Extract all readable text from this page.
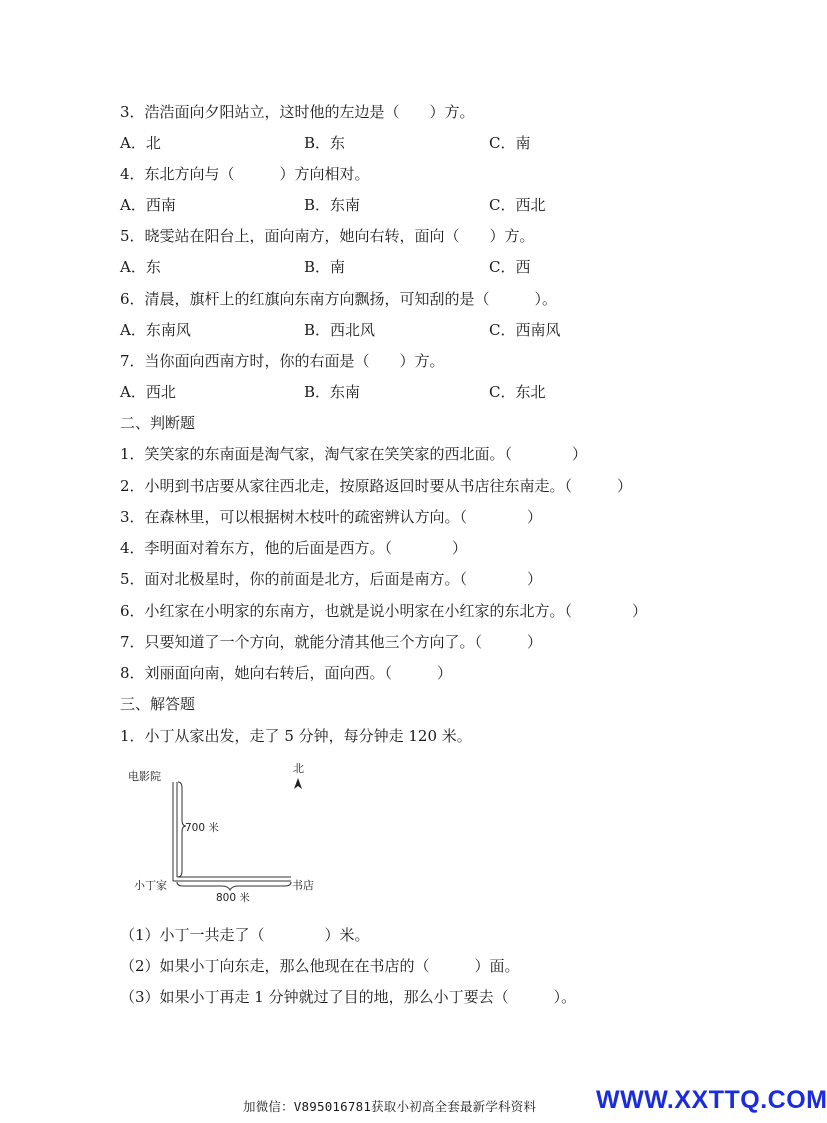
3．浩浩面向夕阳站立，这时他的左边是（　　）方。
A．北	B．东	C．南
4．东北方向与（　　　）方向相对。
A．西南	B．东南	C．西北
5．晓雯站在阳台上，面向南方，她向右转，面向（　　）方。
A．东	B．南	C．西
6．清晨，旗杆上的红旗向东南方向飘扬，可知刮的是（　　　）。
A．东南风	B．西北风	C．西南风
7．当你面向西南方时，你的右面是（　　）方。
A．西北	B．东南	C．东北
二、判断题
1．笑笑家的东南面是淘气家，淘气家在笑笑家的西北面。（　　　　）
2．小明到书店要从家往西北走，按原路返回时要从书店往东南走。（　　　）
3．在森林里，可以根据树木枝叶的疏密辨认方向。（　　　　）
4．李明面对着东方，他的后面是西方。（　　　　）
5．面对北极星时，你的前面是北方，后面是南方。（　　　　）
6．小红家在小明家的东南方，也就是说小明家在小红家的东北方。（　　　　）
7．只要知道了一个方向，就能分清其他三个方向了。（　　　）
8．刘丽面向南，她向右转后，面向西。（　　　）
三、解答题
1．小丁从家出发，走了 5 分钟，每分钟走 120 米。
电影院
北
700 米
小丁家
800 米
书店
（1）小丁一共走了（　　　　）米。
（2）如果小丁向东走，那么他现在在书店的（　　　）面。
（3）如果小丁再走 1 分钟就过了目的地，那么小丁要去（　　　）。
加微信：V895016781获取小初高全套最新学科资料 WWW.XXTTQ.COM
